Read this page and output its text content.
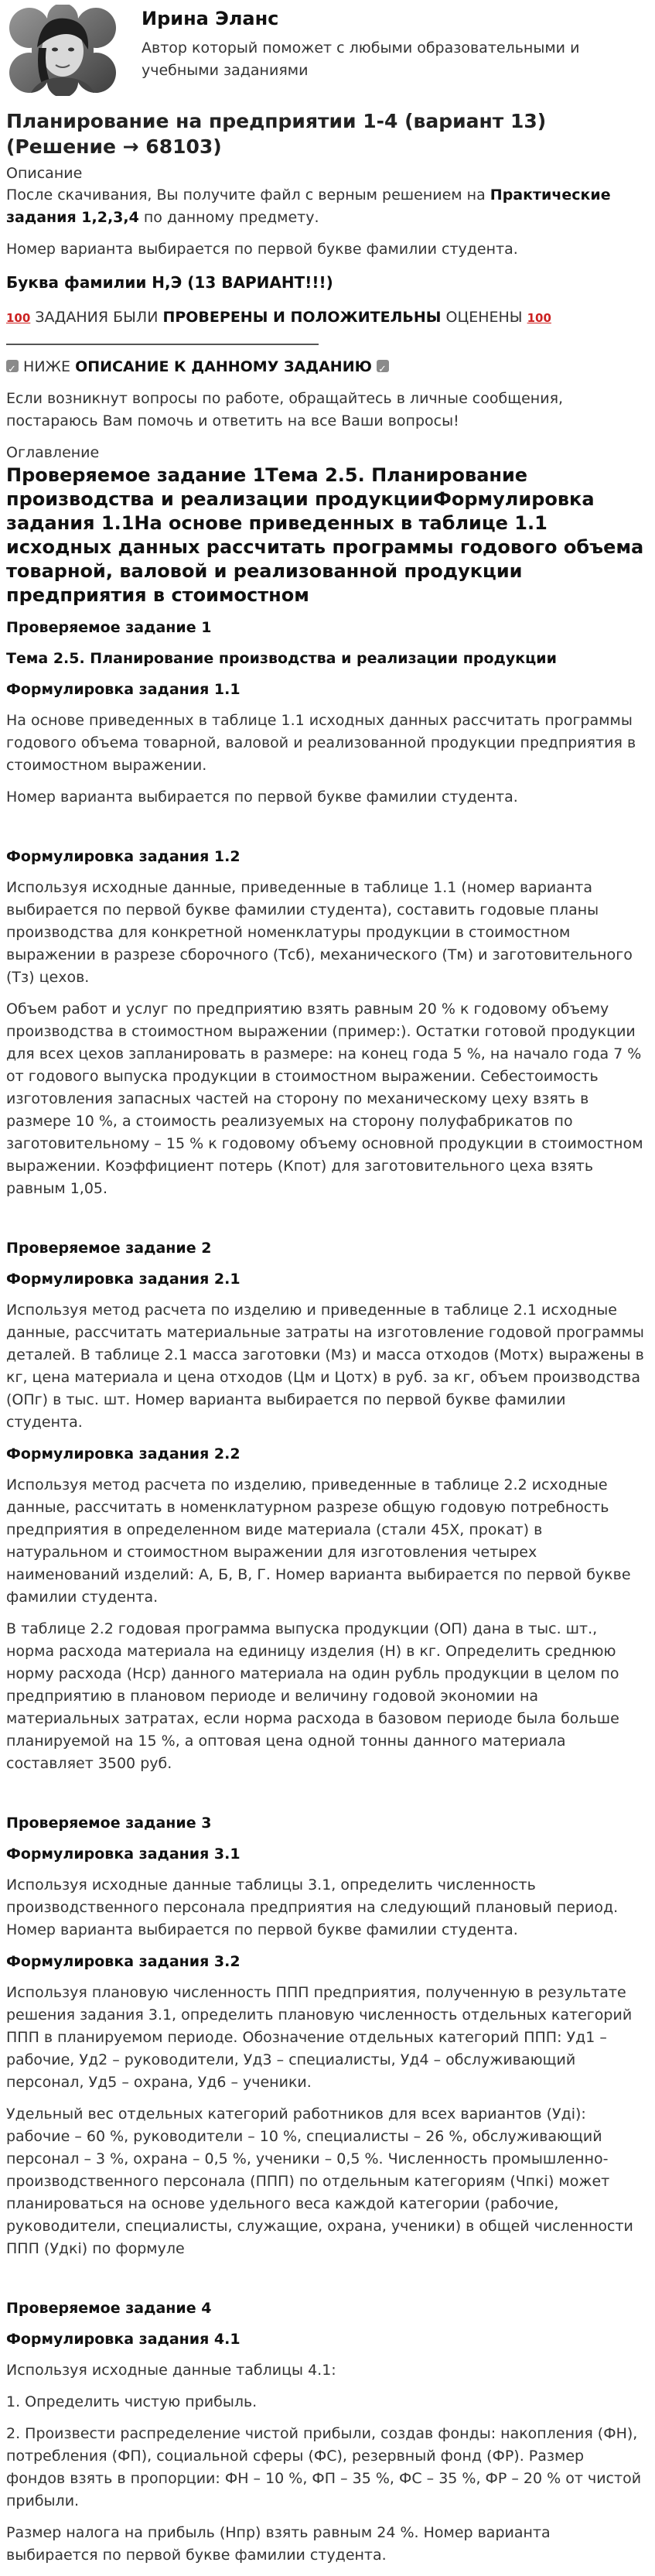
Ирина Эланс
Автор который поможет с любыми образовательными и учебными заданиями
Планирование на предприятии 1-4 (вариант 13) (Решение → 68103)
Описание

После скачивания, Вы получите файл с верным решением на Практические задания 1,2,3,4 по данному предмету.

Номер варианта выбирается по первой букве фамилии студента.

Буква фамилии Н,Э (13 ВАРИАНТ!!!)

100 ЗАДАНИЯ БЫЛИ ПРОВЕРЕНЫ И ПОЛОЖИТЕЛЬНЫ ОЦЕНЕНЫ 100

✓ НИЖЕ ОПИСАНИЕ К ДАННОМУ ЗАДАНИЮ ✓

Если возникнут вопросы по работе, обращайтесь в личные сообщения, постараюсь Вам помочь и ответить на все Ваши вопросы!

Оглавление
Проверяемое задание 1Тема 2.5. Планирование производства и реализации продукцииФормулировка задания 1.1На основе приведенных в таблице 1.1 исходных данных рассчитать программы годового объема товарной, валовой и реализованной продукции предприятия в стоимостном
Проверяемое задание 1
Тема 2.5. Планирование производства и реализации продукции
Формулировка задания 1.1

На основе приведенных в таблице 1.1 исходных данных рассчитать программы годового объема товарной, валовой и реализованной продукции предприятия в стоимостном выражении.

Номер варианта выбирается по первой букве фамилии студента.

Формулировка задания 1.2

Используя исходные данные, приведенные в таблице 1.1 (номер варианта выбирается по первой букве фамилии студента), составить годовые планы производства для конкретной номенклатуры продукции в стоимостном выражении в разрезе сборочного (Тсб), механического (Тм) и заготовительного (Тз) цехов.

Объем работ и услуг по предприятию взять равным 20 % к годовому объему производства в стоимостном выражении (пример:). Остатки готовой продукции для всех цехов запланировать в размере: на конец года 5 %, на начало года 7 % от годового выпуска продукции в стоимостном выражении. Себестоимость изготовления запасных частей на сторону по механическому цеху взять в размере 10 %, а стоимость реализуемых на сторону полуфабрикатов по заготовительному – 15 % к годовому объему основной продукции в стоимостном выражении. Коэффициент потерь (Кпот) для заготовительного цеха взять равным 1,05.

Проверяемое задание 2
Формулировка задания 2.1

Используя метод расчета по изделию и приведенные в таблице 2.1 исходные данные, рассчитать материальные затраты на изготовление годовой программы деталей. В таблице 2.1 масса заготовки (Мз) и масса отходов (Мотх) выражены в кг, цена материала и цена отходов (Цм и Цотх) в руб. за кг, объем производства (ОПг) в тыс. шт. Номер варианта выбирается по первой букве фамилии студента.

Формулировка задания 2.2

Используя метод расчета по изделию, приведенные в таблице 2.2 исходные данные, рассчитать в номенклатурном разрезе общую годовую потребность предприятия в определенном виде материала (стали 45Х, прокат) в натуральном и стоимостном выражении для изготовления четырех наименований изделий: А, Б, В, Г. Номер варианта выбирается по первой букве фамилии студента.

В таблице 2.2 годовая программа выпуска продукции (ОП) дана в тыс. шт., норма расхода материала на единицу изделия (Н) в кг. Определить среднюю норму расхода (Нср) данного материала на один рубль продукции в целом по предприятию в плановом периоде и величину годовой экономии на материальных затратах, если норма расхода в базовом периоде была больше планируемой на 15 %, а оптовая цена одной тонны данного материала составляет 3500 руб.

Проверяемое задание 3
Формулировка задания 3.1

Используя исходные данные таблицы 3.1, определить численность производственного персонала предприятия на следующий плановый период. Номер варианта выбирается по первой букве фамилии студента.

Формулировка задания 3.2

Используя плановую численность ППП предприятия, полученную в результате решения задания 3.1, определить плановую численность отдельных категорий ППП в планируемом периоде. Обозначение отдельных категорий ППП: Уд1 – рабочие, Уд2 – руководители, Уд3 – специалисты, Уд4 – обслуживающий персонал, Уд5 – охрана, Уд6 – ученики.

Удельный вес отдельных категорий работников для всех вариантов (Удi): рабочие – 60 %, руководители – 10 %, специалисты – 26 %, обслуживающий персонал – 3 %, охрана – 0,5 %, ученики – 0,5 %. Численность промышленно-производственного персонала (ППП) по отдельным категориям (Чпкi) может планироваться на основе удельного веса каждой категории (рабочие, руководители, специалисты, служащие, охрана, ученики) в общей численности ППП (Удкi) по формуле

Проверяемое задание 4
Формулировка задания 4.1

Используя исходные данные таблицы 4.1:

1. Определить чистую прибыль.

2. Произвести распределение чистой прибыли, создав фонды: накопления (ФН), потребления (ФП), социальной сферы (ФС), резервный фонд (ФР). Размер фондов взять в пропорции: ФН – 10 %, ФП – 35 %, ФС – 35 %, ФР – 20 % от чистой прибыли.

Размер налога на прибыль (Нпр) взять равным 24 %. Номер варианта выбирается по первой букве фамилии студента.
